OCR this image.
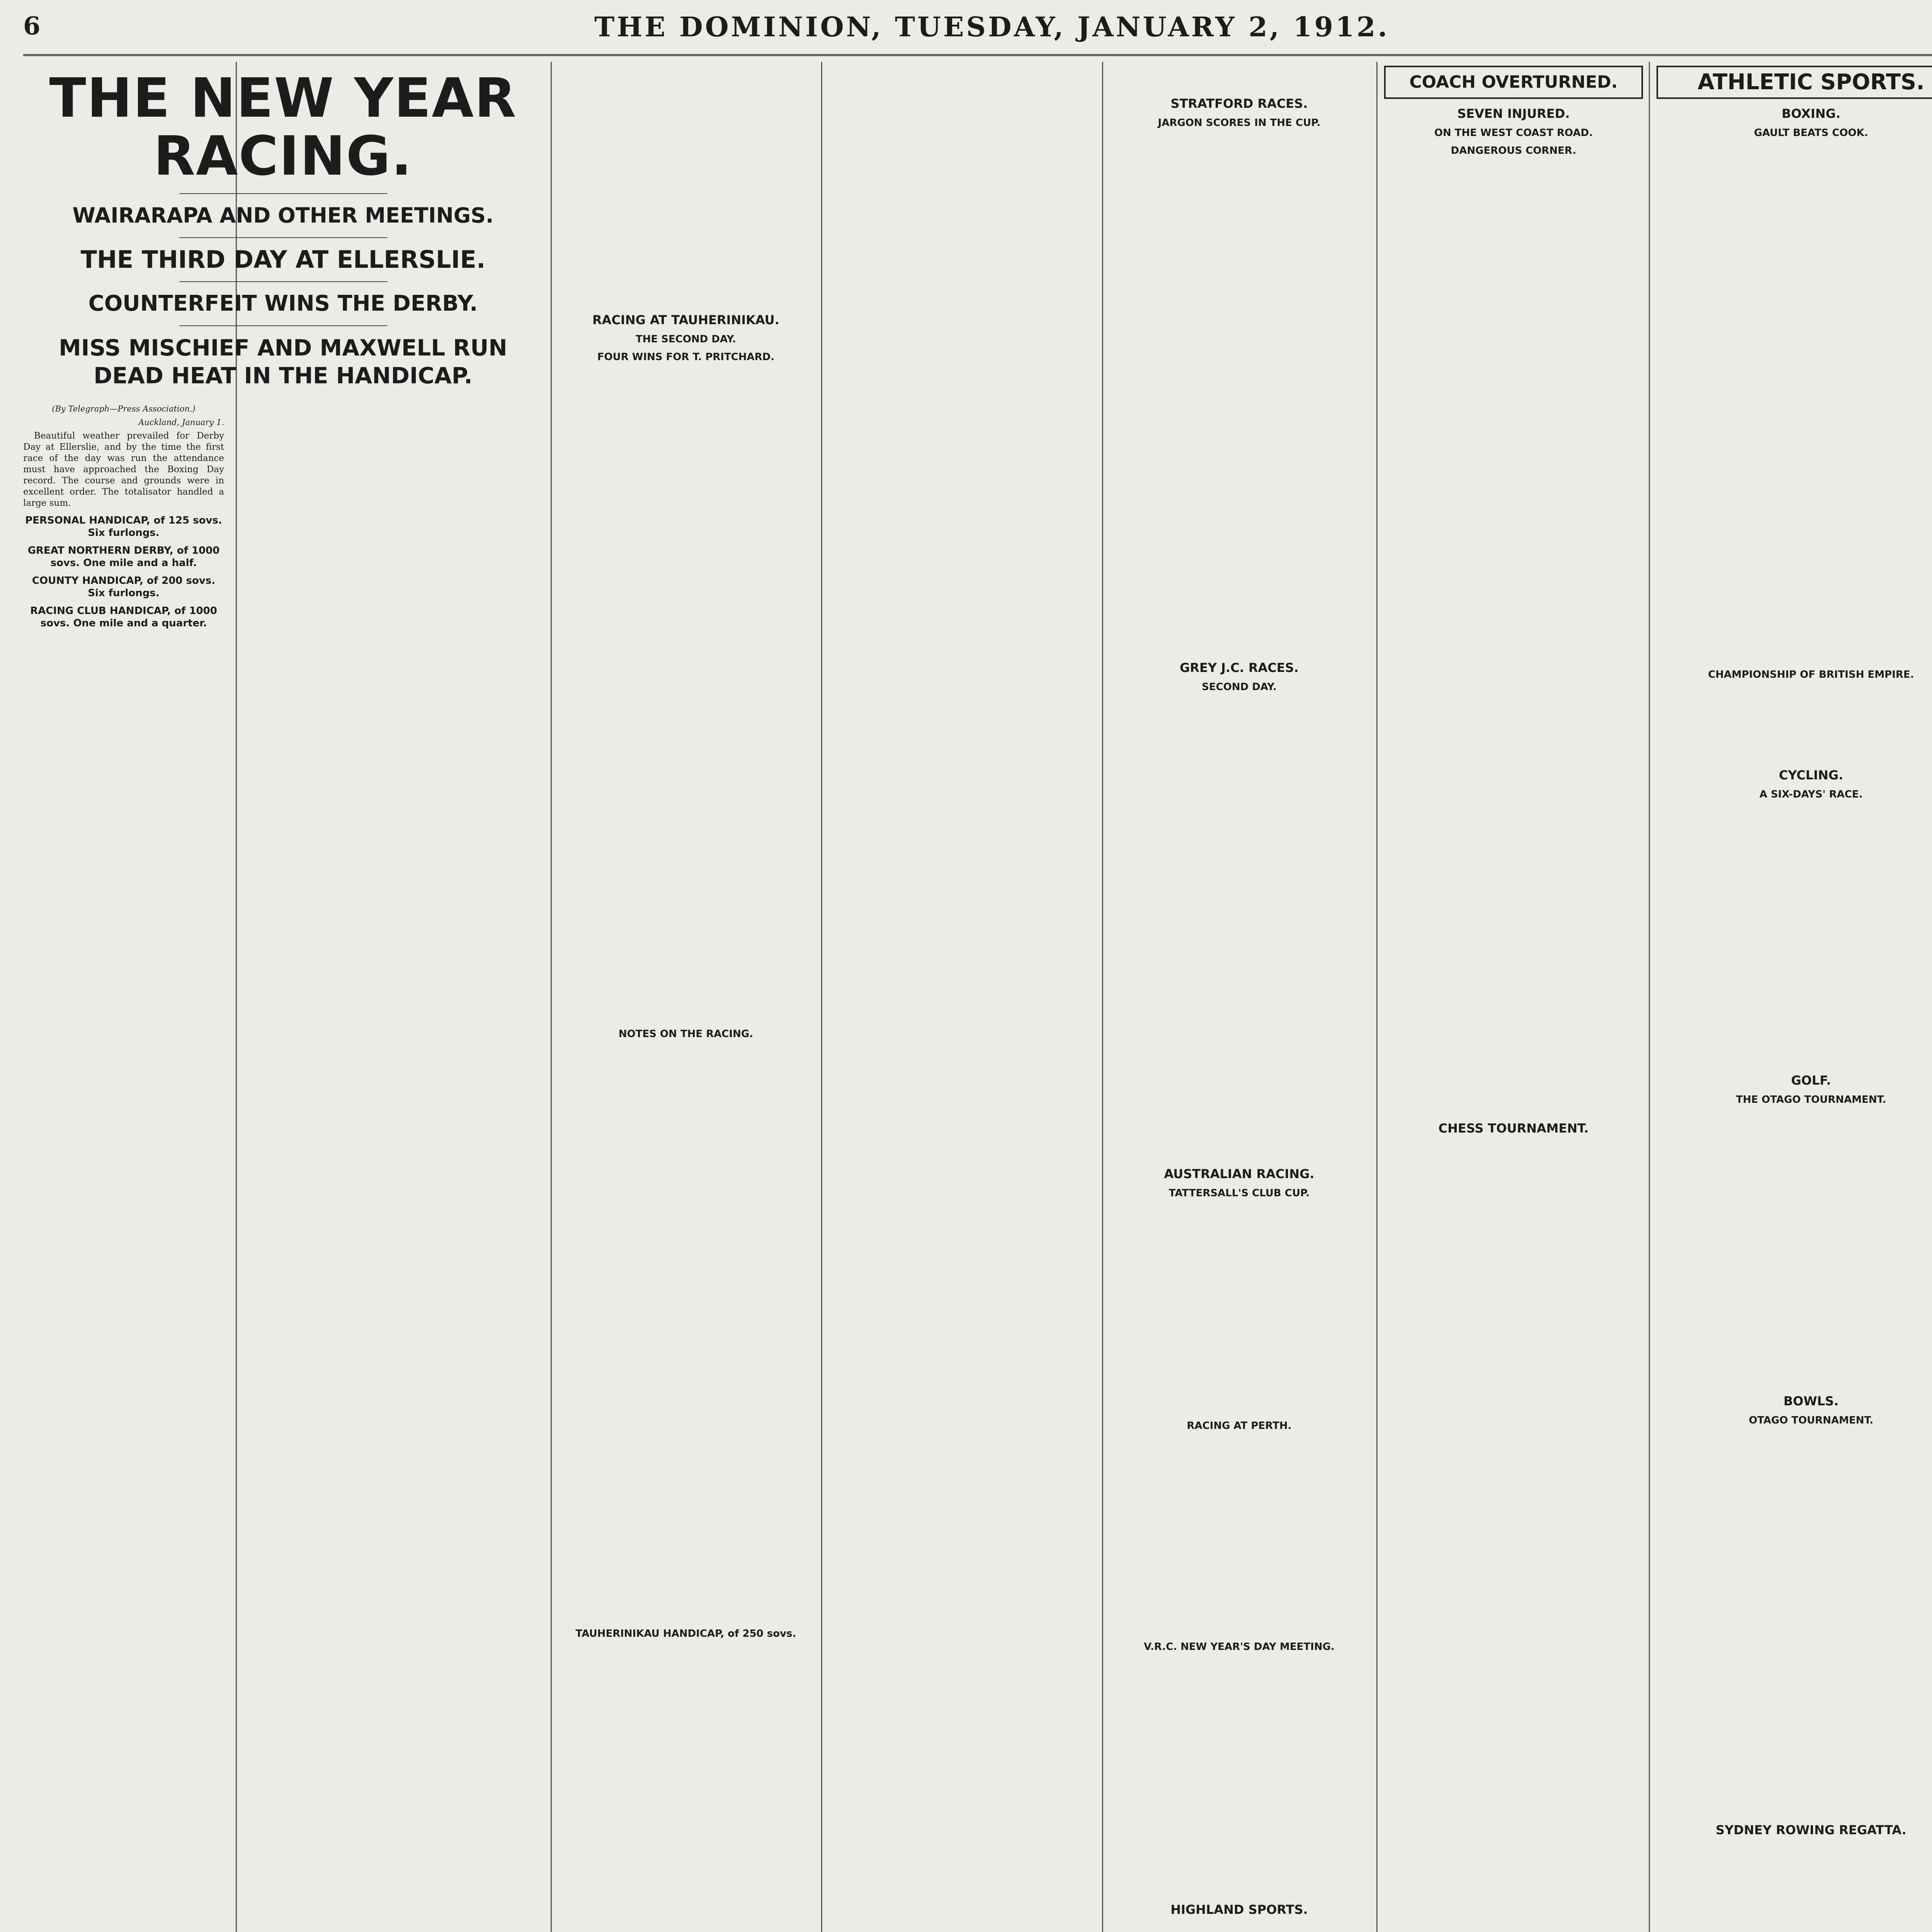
6	THE DOMINION, TUESDAY, JANUARY 2, 1912.
THE NEW YEAR RACING.
WAIRARAPA AND OTHER MEETINGS.
THE THIRD DAY AT ELLERSLIE.
COUNTERFEIT WINS THE DERBY.
MISS MISCHIEF AND MAXWELL RUN DEAD HEAT IN THE HANDICAP.
(By Telegraph—Press Association.)
Auckland, January 1.

Beautiful weather prevailed for Derby Day at Ellerslie, and by the time the first race of the day was run the attendance must have approached the Boxing Day record. The course and grounds were in excellent order. The totalisator handled a large sum.

PERSONAL HANDICAP, of 125 sovs. Six furlongs.
GREAT NORTHERN DERBY, of 1000 sovs. One mile and a half.
COUNTY HANDICAP, of 200 sovs. Six furlongs.
RACING CLUB HANDICAP, of 1000 sovs. One mile and a quarter.
RACING AT TAUHERINIKAU.
THE SECOND DAY.
FOUR WINS FOR T. PRITCHARD.
NOTES ON THE RACING.
TAUHERINIKAU HANDICAP, of 250 sovs.
STRATFORD RACES.
JARGON SCORES IN THE CUP.
GREY J.C. RACES.
SECOND DAY.
AUSTRALIAN RACING.
TATTERSALL'S CLUB CUP.
RACING AT PERTH.
V.R.C. NEW YEAR'S DAY MEETING.
HIGHLAND SPORTS.
COACH OVERTURNED.
SEVEN INJURED.
ON THE WEST COAST ROAD.
DANGEROUS CORNER.
CHESS TOURNAMENT.
ATHLETIC SPORTS.
BOXING.
GAULT BEATS COOK.
CHAMPIONSHIP OF BRITISH EMPIRE.
CYCLING.
A SIX-DAYS' RACE.
GOLF.
THE OTAGO TOURNAMENT.
BOWLS.
OTAGO TOURNAMENT.
SYDNEY ROWING REGATTA.
